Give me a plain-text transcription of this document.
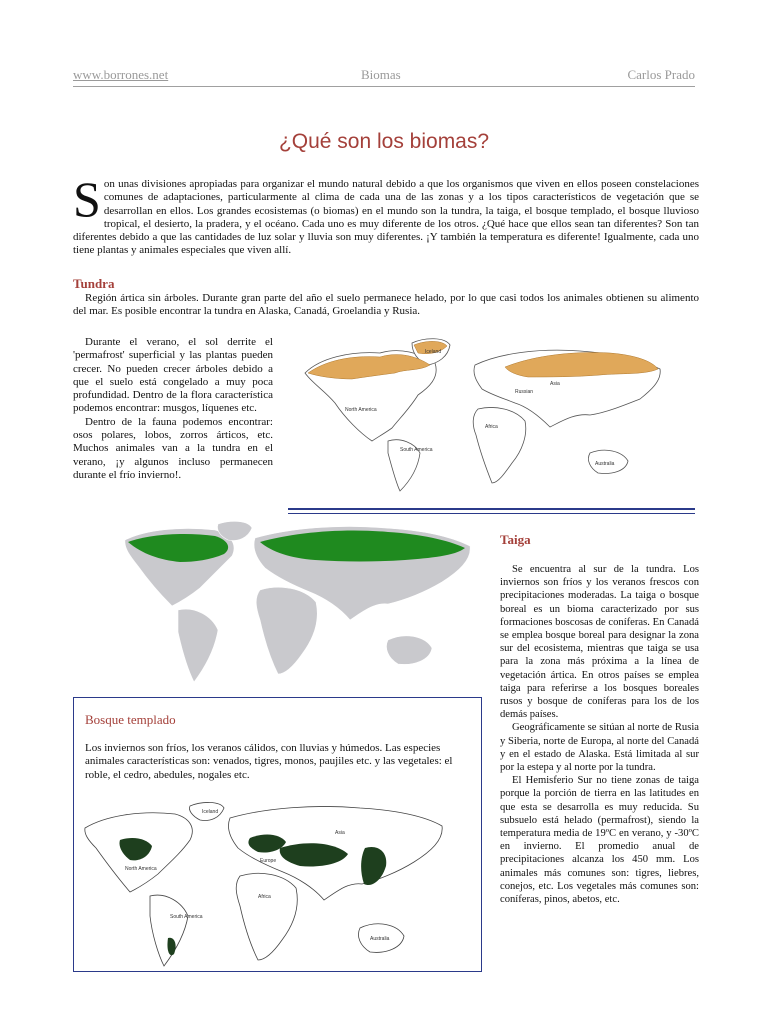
www.borrones.net	Biomas	Carlos Prado
¿Qué son los biomas?
Son unas divisiones apropiadas para organizar el mundo natural debido a que los organismos que viven en ellos poseen constelaciones comunes de adaptaciones, particularmente al clima de cada una de las zonas y a los tipos característicos de vegetación que se desarrollan en ellos. Los grandes ecosistemas (o biomas) en el mundo son la tundra, la taiga, el bosque templado, el bosque lluvioso tropical, el desierto, la pradera, y el océano. Cada uno es muy diferente de los otros. ¿Qué hace que ellos sean tan diferentes? Son tan diferentes debido a que las cantidades de luz solar y lluvia son muy diferentes. ¡Y también la temperatura es diferente! Igualmente, cada uno tiene plantas y animales especiales que viven allí.
Tundra

Región ártica sin árboles. Durante gran parte del año el suelo permanece helado, por lo que casi todos los animales obtienen su alimento del mar. Es posible encontrar la tundra en Alaska, Canadá, Groelandia y Rusia.

Durante el verano, el sol derrite el 'permafrost' superficial y las plantas pueden crecer. No pueden crecer árboles debido a que el suelo está congelado a muy poca profundidad. Dentro de la flora característica podemos encontrar: musgos, líquenes etc.

Dentro de la fauna podemos encontrar: osos polares, lobos, zorros árticos, etc. Muchos animales van a la tundra en el verano, ¡y algunos incluso permanecen durante el frío invierno!.

Iceland
North America
South America
Russian
Asia
Africa
Australia
Taiga

Se encuentra al sur de la tundra. Los inviernos son fríos y los veranos frescos con precipitaciones moderadas. La taiga o bosque boreal es un bioma caracterizado por sus formaciones boscosas de coníferas. En Canadá se emplea bosque boreal para designar la zona sur del ecosistema, mientras que taiga se usa para la zona más próxima a la línea de vegetación ártica. En otros países se emplea taiga para referirse a los bosques boreales rusos y bosque de coníferas para los de los demás países.

Geográficamente se sitúan al norte de Rusia y Siberia, norte de Europa, al norte del Canadá y en el estado de Alaska. Está limitada al sur por la estepa y al norte por la tundra.

El Hemisferio Sur no tiene zonas de taiga porque la porción de tierra en las latitudes en que esta se desarrolla es muy reducida. Su subsuelo está helado (permafrost), siendo la temperatura media de 19ºC en verano, y -30ºC en invierno. El promedio anual de precipitaciones alcanza los 450 mm. Los animales más comunes son: tigres, liebres, conejos, etc. Los vegetales más comunes son: coníferas, pinos, abetos, etc.

Bosque templado

Los inviernos son fríos, los veranos cálidos, con lluvias y húmedos. Las especies animales características son: venados, tigres, monos, paujiles etc. y las vegetales: el roble, el cedro, abedules, nogales etc.

Iceland
North America
South America
Europe
Asia
Africa
Australia
